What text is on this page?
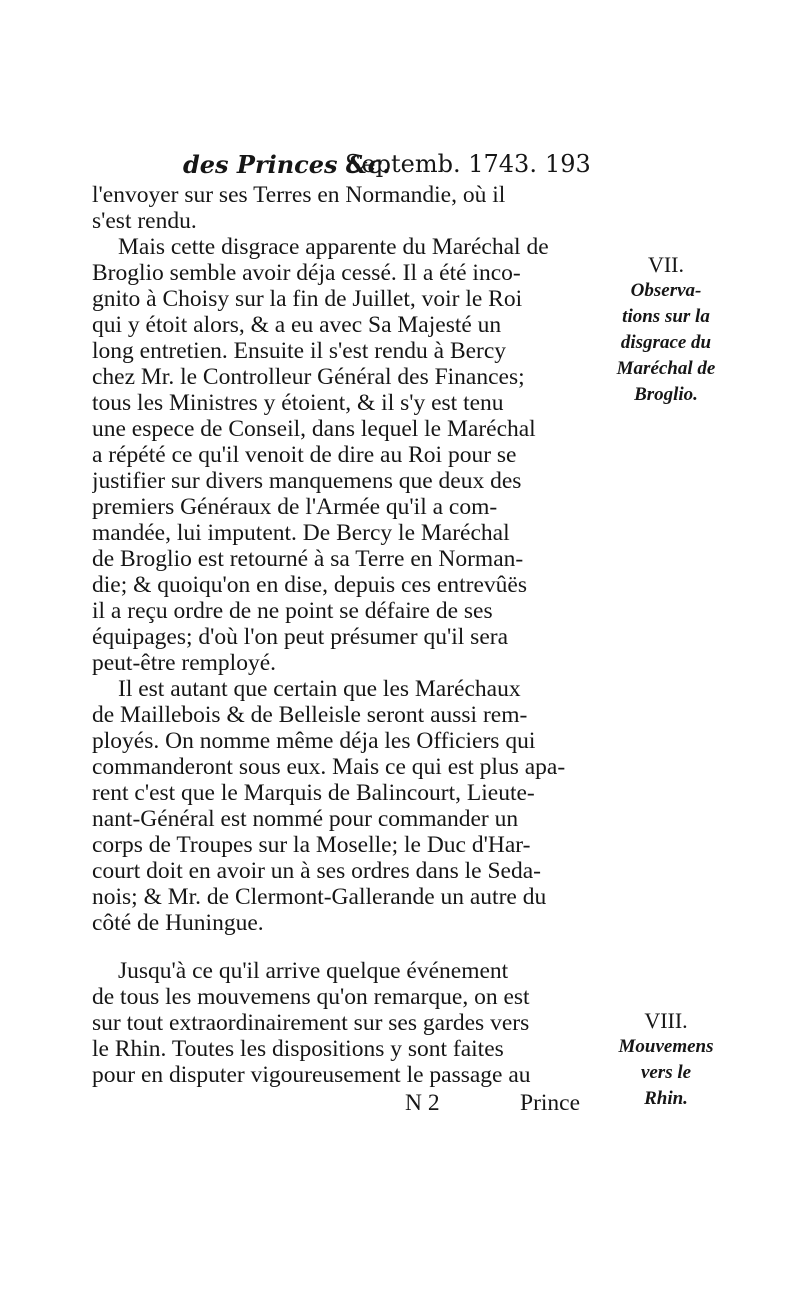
des Princes &c.
Septemb. 1743. 193
l'envoyer sur ses Terres en Normandie, où il
s'est rendu.
Mais cette disgrace apparente du Maréchal de
Broglio semble avoir déja cessé. Il a été inco-
gnito à Choisy sur la fin de Juillet, voir le Roi
qui y étoit alors, & a eu avec Sa Majesté un
long entretien. Ensuite il s'est rendu à Bercy
chez Mr. le Controlleur Général des Finances;
tous les Ministres y étoient, & il s'y est tenu
une espece de Conseil, dans lequel le Maréchal
a répété ce qu'il venoit de dire au Roi pour se
justifier sur divers manquemens que deux des
premiers Généraux de l'Armée qu'il a com-
mandée, lui imputent. De Bercy le Maréchal
de Broglio est retourné à sa Terre en Norman-
die; & quoiqu'on en dise, depuis ces entrevûës
il a reçu ordre de ne point se défaire de ses
équipages; d'où l'on peut présumer qu'il sera
peut-être remployé.
Il est autant que certain que les Maréchaux
de Maillebois & de Belleisle seront aussi rem-
ployés. On nomme même déja les Officiers qui
commanderont sous eux. Mais ce qui est plus apa-
rent c'est que le Marquis de Balincourt, Lieute-
nant-Général est nommé pour commander un
corps de Troupes sur la Moselle; le Duc d'Har-
court doit en avoir un à ses ordres dans le Seda-
nois; & Mr. de Clermont-Gallerande un autre du
côté de Huningue.
Jusqu'à ce qu'il arrive quelque événement
de tous les mouvemens qu'on remarque, on est
sur tout extraordinairement sur ses gardes vers
le Rhin. Toutes les dispositions y sont faites
pour en disputer vigoureusement le passage au
N 2	Prince
VII.
Observa-
tions sur la
disgrace du
Maréchal de
Broglio.
VIII.
Mouvemens
vers le
Rhin.
